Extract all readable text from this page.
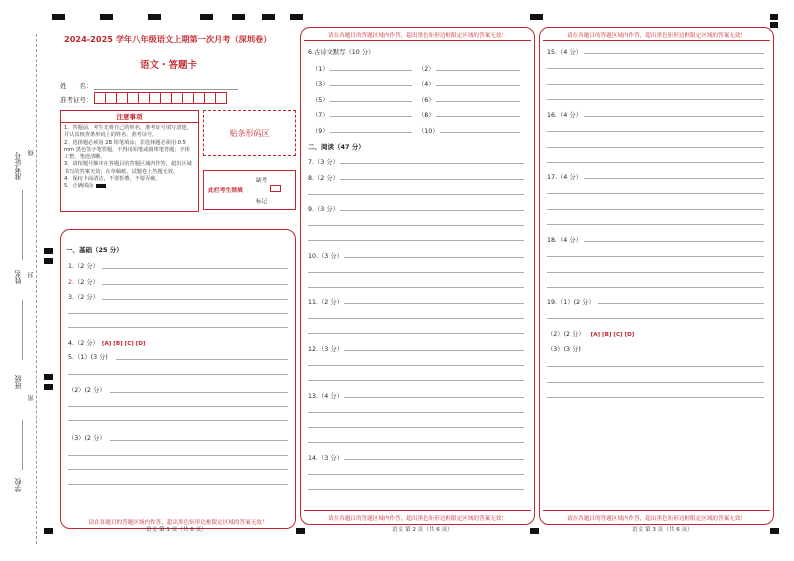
准考证号 线
姓名 封
班级
密
学校
2024-2025 学年八年级语文上期第一次月考（深圳卷）
语文・答题卡
姓　　名：
准考证号：
注意事项
1．答题前，考生先将自己的姓名、准考证号填写清楚，并认真核查条形码上的姓名、准考证号。
2．选择题必须用 2B 铅笔填涂；非选择题必须用 0.5 mm 黑色签字笔答题，不得用铅笔或圆珠笔答题；字体工整、笔迹清晰。
3．请按题号顺序在各题目的答题区域内作答，超出区域书写的答案无效；在草稿纸、试题卷上答题无效。
4．保持卡面清洁，不要折叠、不要弄破。
5．正确填涂
贴条形码区
此栏考生禁填
缺考
标记
一、基础（25 分）
1.（2 分）
2.（2 分）
3.（2 分）
4.（2 分） [A] [B] [C] [D]
5.（1）(3 分)
（2）(2 分）
（3）(2 分）
请在各题目的答题区域内作答，超出黑色矩形边框限定区域的答案无效！
语文 第 1 页（共 6 页）
请在各题目的答题区域内作答，超出黑色矩形边框限定区域的答案无效！
6.古诗文默写（10 分）
（1）	（2）
（3）	（4）
（5）	（6）
（7）	（8）
（9）	（10）
二、阅读（47 分）
7.（3 分）
8.（2 分）
9.（3 分）
10.（3 分）
11.（2 分）
12.（3 分）
13.（4 分）
14.（3 分）
请在各题目的答题区域内作答，超出黑色矩形边框限定区域的答案无效！
语文 第 2 页（共 6 页）
请在各题目的答题区域内作答，超出黑色矩形边框限定区域的答案无效！
15.（4 分）
16.（4 分）
17.（4 分）
18.（4 分）
19.（1）(2 分）
（2）(2 分） [A] [B] [C] [D]
（3）(3 分)
请在各题目的答题区域内作答，超出黑色矩形边框限定区域的答案无效！
语文 第 3 页（共 6 页）
